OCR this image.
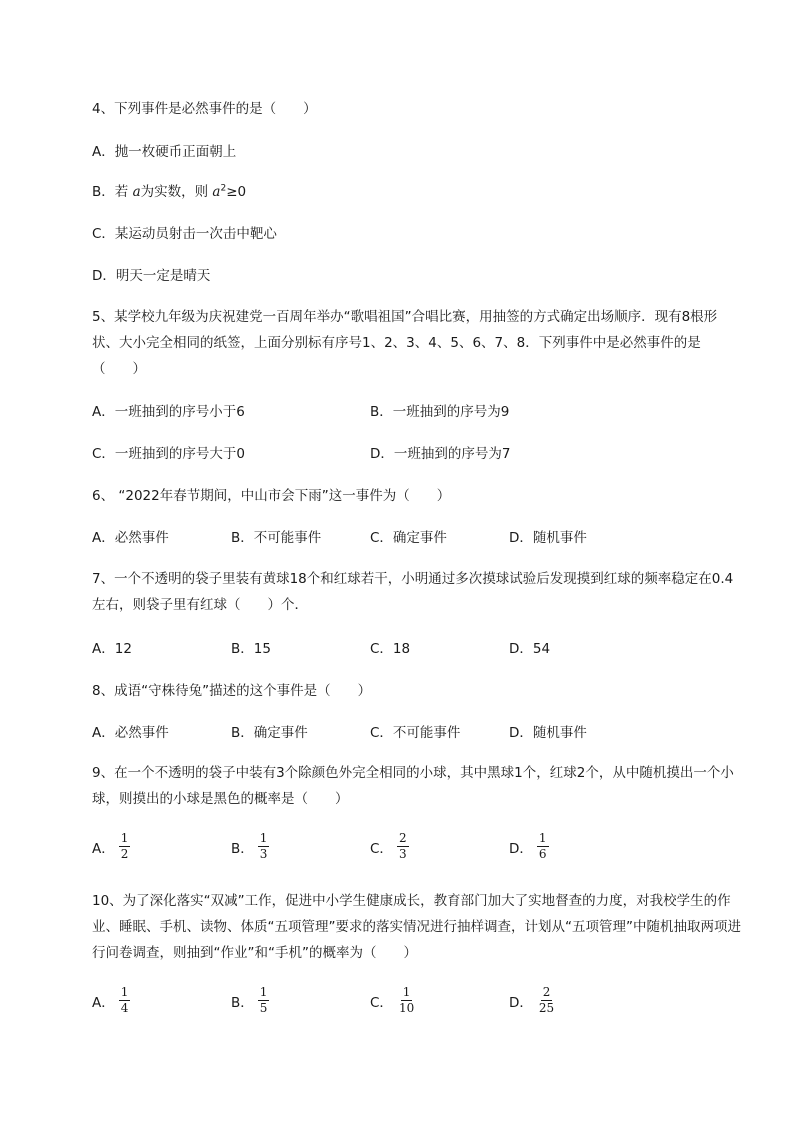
4、下列事件是必然事件的是（　　）
A．抛一枚硬币正面朝上
B．若 a为实数，则 $a^2\ge 0$
C．某运动员射击一次击中靶心
D．明天一定是晴天
5、某学校九年级为庆祝建党一百周年举办“歌唱祖国”合唱比赛，用抽签的方式确定出场顺序．现有8根形状、大小完全相同的纸签，上面分别标有序号1、2、3、4、5、6、7、8．下列事件中是必然事件的是（　　）
A．一班抽到的序号小于6	B．一班抽到的序号为9
C．一班抽到的序号大于0	D．一班抽到的序号为7
6、 “2022年春节期间，中山市会下雨”这一事件为（　　）
A．必然事件	B．不可能事件	C．确定事件	D．随机事件
7、一个不透明的袋子里装有黄球18个和红球若干，小明通过多次摸球试验后发现摸到红球的频率稳定在0.4左右，则袋子里有红球（　　）个．
A．12	B．15	C．18	D．54
8、成语“守株待兔”描述的这个事件是（　　）
A．必然事件	B．确定事件	C．不可能事件	D．随机事件
9、在一个不透明的袋子中装有3个除颜色外完全相同的小球，其中黑球1个，红球2个，从中随机摸出一个小球，则摸出的小球是黑色的概率是（　　）
A． $\frac{1}{2}$	B． $\frac{1}{3}$	C． $\frac{2}{3}$	D． $\frac{1}{6}$
10、为了深化落实“双减”工作，促进中小学生健康成长，教育部门加大了实地督查的力度，对我校学生的作业、睡眠、手机、读物、体质“五项管理”要求的落实情况进行抽样调查，计划从“五项管理”中随机抽取两项进行问卷调查，则抽到“作业”和“手机”的概率为（　　）
A． $\frac{1}{4}$	B． $\frac{1}{5}$	C． $\frac{1}{10}$	D． $\frac{2}{25}$
